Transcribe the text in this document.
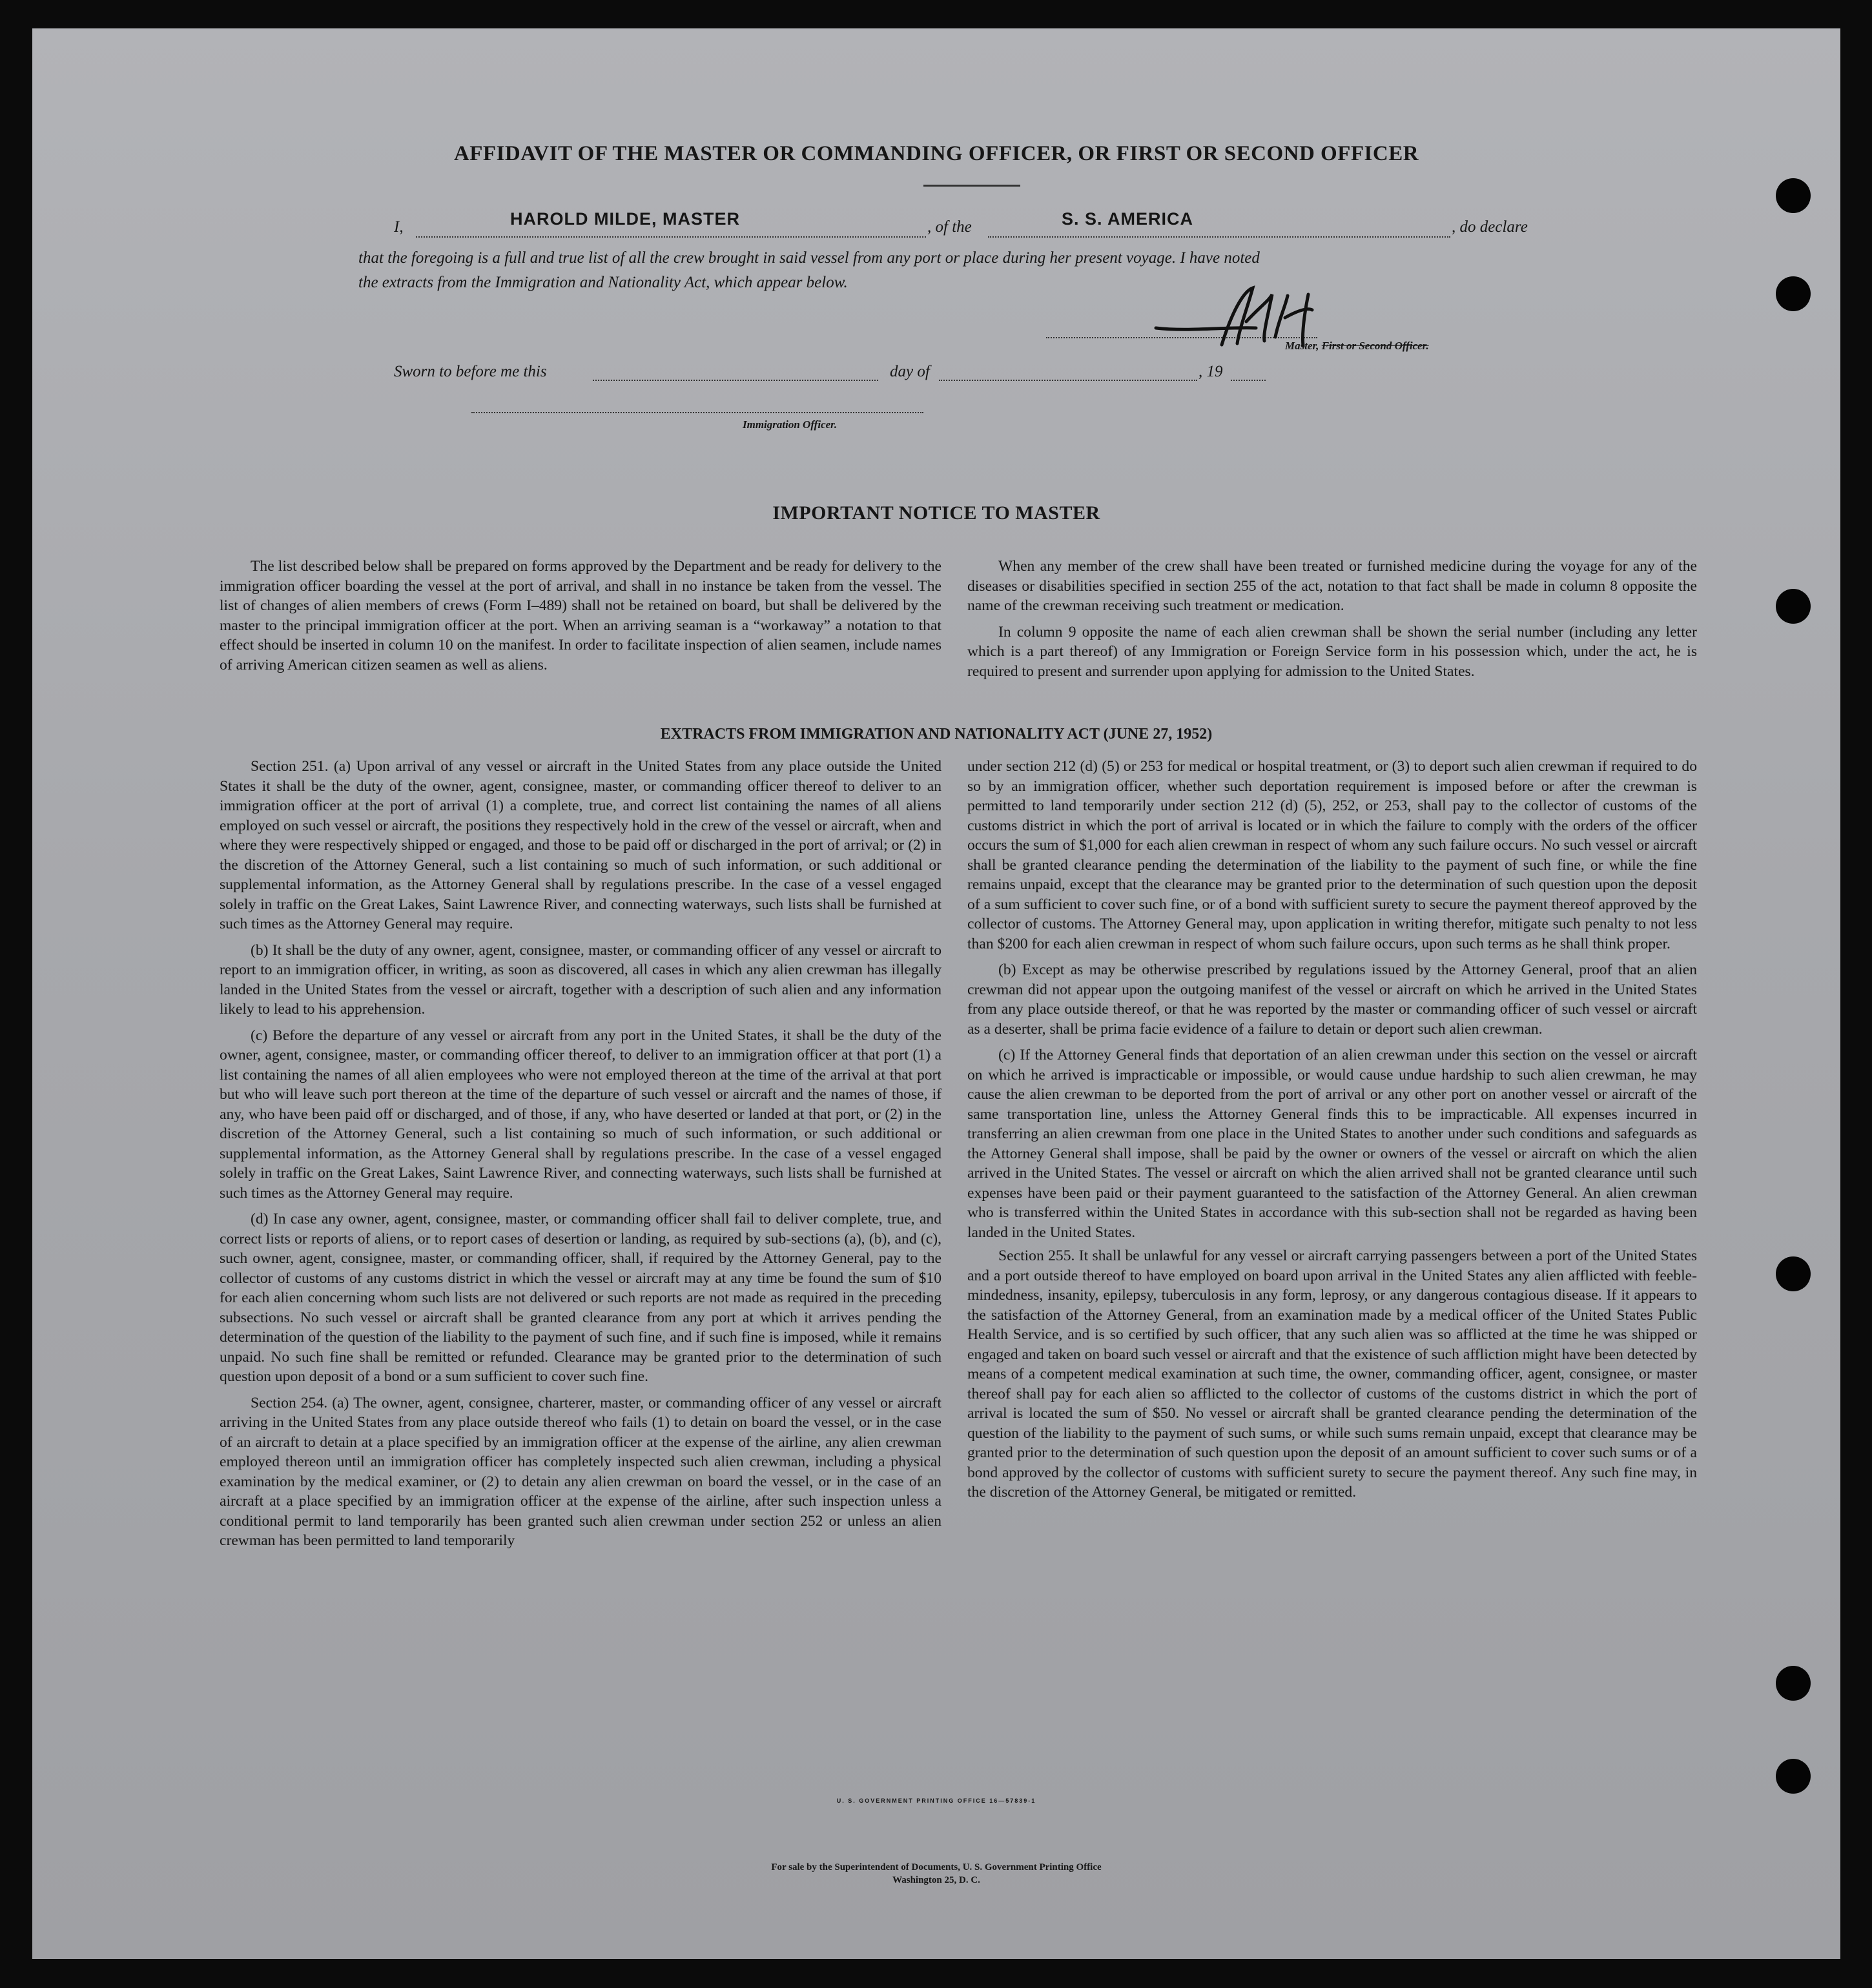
AFFIDAVIT OF THE MASTER OR COMMANDING OFFICER, OR FIRST OR SECOND OFFICER
I,	HAROLD MILDE, MASTER	, of the	S. S. AMERICA	, do declare
that the foregoing is a full and true list of all the crew brought in said vessel from any port or place during her present voyage. I have noted
the extracts from the Immigration and Nationality Act, which appear below.
Master, First or Second Officer.
Sworn to before me this	day of	, 19
Immigration Officer.
IMPORTANT NOTICE TO MASTER

The list described below shall be prepared on forms approved by the Department and be ready for delivery to the immigration officer boarding the vessel at the port of arrival, and shall in no instance be taken from the vessel. The list of changes of alien members of crews (Form I–489) shall not be retained on board, but shall be delivered by the master to the principal immigration officer at the port. When an arriving seaman is a “workaway” a notation to that effect should be inserted in column 10 on the manifest. In order to facilitate inspection of alien seamen, include names of arriving American citizen seamen as well as aliens.

When any member of the crew shall have been treated or furnished medicine during the voyage for any of the diseases or disabilities specified in section 255 of the act, notation to that fact shall be made in column 8 opposite the name of the crewman receiving such treatment or medication.

In column 9 opposite the name of each alien crewman shall be shown the serial number (including any letter which is a part thereof) of any Immigration or Foreign Service form in his possession which, under the act, he is required to present and surrender upon applying for admission to the United States.

EXTRACTS FROM IMMIGRATION AND NATIONALITY ACT (JUNE 27, 1952)

Section 251. (a) Upon arrival of any vessel or aircraft in the United States from any place outside the United States it shall be the duty of the owner, agent, consignee, master, or commanding officer thereof to deliver to an immigration officer at the port of arrival (1) a complete, true, and correct list containing the names of all aliens employed on such vessel or aircraft, the positions they respectively hold in the crew of the vessel or aircraft, when and where they were respectively shipped or engaged, and those to be paid off or discharged in the port of arrival; or (2) in the discretion of the Attorney General, such a list containing so much of such information, or such additional or supplemental information, as the Attorney General shall by regulations prescribe. In the case of a vessel engaged solely in traffic on the Great Lakes, Saint Lawrence River, and connecting waterways, such lists shall be furnished at such times as the Attorney General may require.

(b) It shall be the duty of any owner, agent, consignee, master, or commanding officer of any vessel or aircraft to report to an immigration officer, in writing, as soon as discovered, all cases in which any alien crewman has illegally landed in the United States from the vessel or aircraft, together with a description of such alien and any information likely to lead to his apprehension.

(c) Before the departure of any vessel or aircraft from any port in the United States, it shall be the duty of the owner, agent, consignee, master, or commanding officer thereof, to deliver to an immigration officer at that port (1) a list containing the names of all alien employees who were not employed thereon at the time of the arrival at that port but who will leave such port thereon at the time of the departure of such vessel or aircraft and the names of those, if any, who have been paid off or discharged, and of those, if any, who have deserted or landed at that port, or (2) in the discretion of the Attorney General, such a list containing so much of such information, or such additional or supplemental information, as the Attorney General shall by regulations prescribe. In the case of a vessel engaged solely in traffic on the Great Lakes, Saint Lawrence River, and connecting waterways, such lists shall be furnished at such times as the Attorney General may require.

(d) In case any owner, agent, consignee, master, or commanding officer shall fail to deliver complete, true, and correct lists or reports of aliens, or to report cases of desertion or landing, as required by sub-sections (a), (b), and (c), such owner, agent, consignee, master, or commanding officer, shall, if required by the Attorney General, pay to the collector of customs of any customs district in which the vessel or aircraft may at any time be found the sum of $10 for each alien concerning whom such lists are not delivered or such reports are not made as required in the preceding subsections. No such vessel or aircraft shall be granted clearance from any port at which it arrives pending the determination of the question of the liability to the payment of such fine, and if such fine is imposed, while it remains unpaid. No such fine shall be remitted or refunded. Clearance may be granted prior to the determination of such question upon deposit of a bond or a sum sufficient to cover such fine.

Section 254. (a) The owner, agent, consignee, charterer, master, or commanding officer of any vessel or aircraft arriving in the United States from any place outside thereof who fails (1) to detain on board the vessel, or in the case of an aircraft to detain at a place specified by an immigration officer at the expense of the airline, any alien crewman employed thereon until an immigration officer has completely inspected such alien crewman, including a physical examination by the medical examiner, or (2) to detain any alien crewman on board the vessel, or in the case of an aircraft at a place specified by an immigration officer at the expense of the airline, after such inspection unless a conditional permit to land temporarily has been granted such alien crewman under section 252 or unless an alien crewman has been permitted to land temporarily

under section 212 (d) (5) or 253 for medical or hospital treatment, or (3) to deport such alien crewman if required to do so by an immigration officer, whether such deportation requirement is imposed before or after the crewman is permitted to land temporarily under section 212 (d) (5), 252, or 253, shall pay to the collector of customs of the customs district in which the port of arrival is located or in which the failure to comply with the orders of the officer occurs the sum of $1,000 for each alien crewman in respect of whom any such failure occurs. No such vessel or aircraft shall be granted clearance pending the determination of the liability to the payment of such fine, or while the fine remains unpaid, except that the clearance may be granted prior to the determination of such question upon the deposit of a sum sufficient to cover such fine, or of a bond with sufficient surety to secure the payment thereof approved by the collector of customs. The Attorney General may, upon application in writing therefor, mitigate such penalty to not less than $200 for each alien crewman in respect of whom such failure occurs, upon such terms as he shall think proper.

(b) Except as may be otherwise prescribed by regulations issued by the Attorney General, proof that an alien crewman did not appear upon the outgoing manifest of the vessel or aircraft on which he arrived in the United States from any place outside thereof, or that he was reported by the master or commanding officer of such vessel or aircraft as a deserter, shall be prima facie evidence of a failure to detain or deport such alien crewman.

(c) If the Attorney General finds that deportation of an alien crewman under this section on the vessel or aircraft on which he arrived is impracticable or impossible, or would cause undue hardship to such alien crewman, he may cause the alien crewman to be deported from the port of arrival or any other port on another vessel or aircraft of the same transportation line, unless the Attorney General finds this to be impracticable. All expenses incurred in transferring an alien crewman from one place in the United States to another under such conditions and safeguards as the Attorney General shall impose, shall be paid by the owner or owners of the vessel or aircraft on which the alien arrived in the United States. The vessel or aircraft on which the alien arrived shall not be granted clearance until such expenses have been paid or their payment guaranteed to the satisfaction of the Attorney General. An alien crewman who is transferred within the United States in accordance with this sub-section shall not be regarded as having been landed in the United States.

Section 255. It shall be unlawful for any vessel or aircraft carrying passengers between a port of the United States and a port outside thereof to have employed on board upon arrival in the United States any alien afflicted with feeble-mindedness, insanity, epilepsy, tuberculosis in any form, leprosy, or any dangerous contagious disease. If it appears to the satisfaction of the Attorney General, from an examination made by a medical officer of the United States Public Health Service, and is so certified by such officer, that any such alien was so afflicted at the time he was shipped or engaged and taken on board such vessel or aircraft and that the existence of such affliction might have been detected by means of a competent medical examination at such time, the owner, commanding officer, agent, consignee, or master thereof shall pay for each alien so afflicted to the collector of customs of the customs district in which the port of arrival is located the sum of $50. No vessel or aircraft shall be granted clearance pending the determination of the question of the liability to the payment of such sums, or while such sums remain unpaid, except that clearance may be granted prior to the determination of such question upon the deposit of an amount sufficient to cover such sums or of a bond approved by the collector of customs with sufficient surety to secure the payment thereof. Any such fine may, in the discretion of the Attorney General, be mitigated or remitted.

U. S. GOVERNMENT PRINTING OFFICE 16—57839-1
For sale by the Superintendent of Documents, U. S. Government Printing Office
Washington 25, D. C.
